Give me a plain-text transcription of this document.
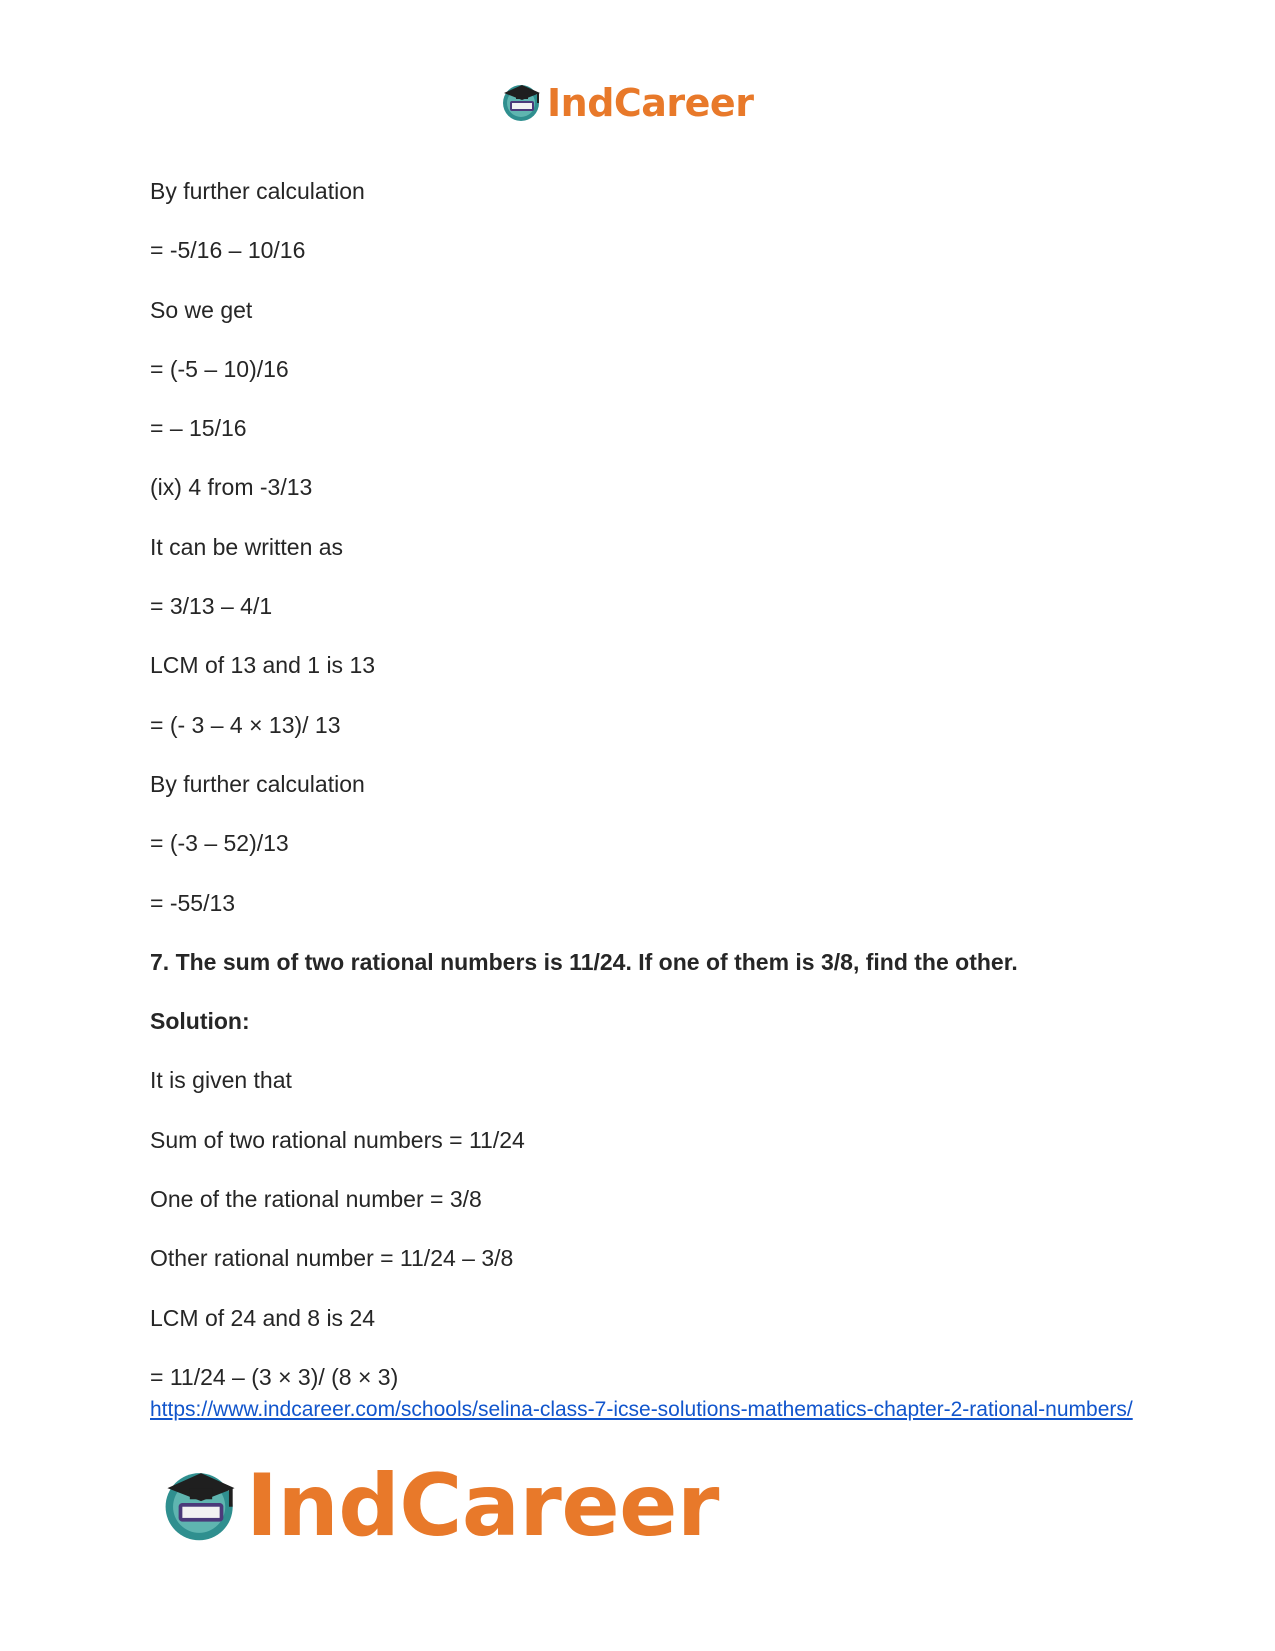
IndCareer
By further calculation
= -5/16 – 10/16
So we get
= (-5 – 10)/16
= – 15/16
(ix) 4 from -3/13
It can be written as
= 3/13 – 4/1
LCM of 13 and 1 is 13
= (- 3 – 4 × 13)/ 13
By further calculation
= (-3 – 52)/13
= -55/13
7. The sum of two rational numbers is 11/24. If one of them is 3/8, find the other.
Solution:
It is given that
Sum of two rational numbers = 11/24
One of the rational number = 3/8
Other rational number = 11/24 – 3/8
LCM of 24 and 8 is 24
= 11/24 – (3 × 3)/ (8 × 3)
https://www.indcareer.com/schools/selina-class-7-icse-solutions-mathematics-chapter-2-rational-numbers/
IndCareer
